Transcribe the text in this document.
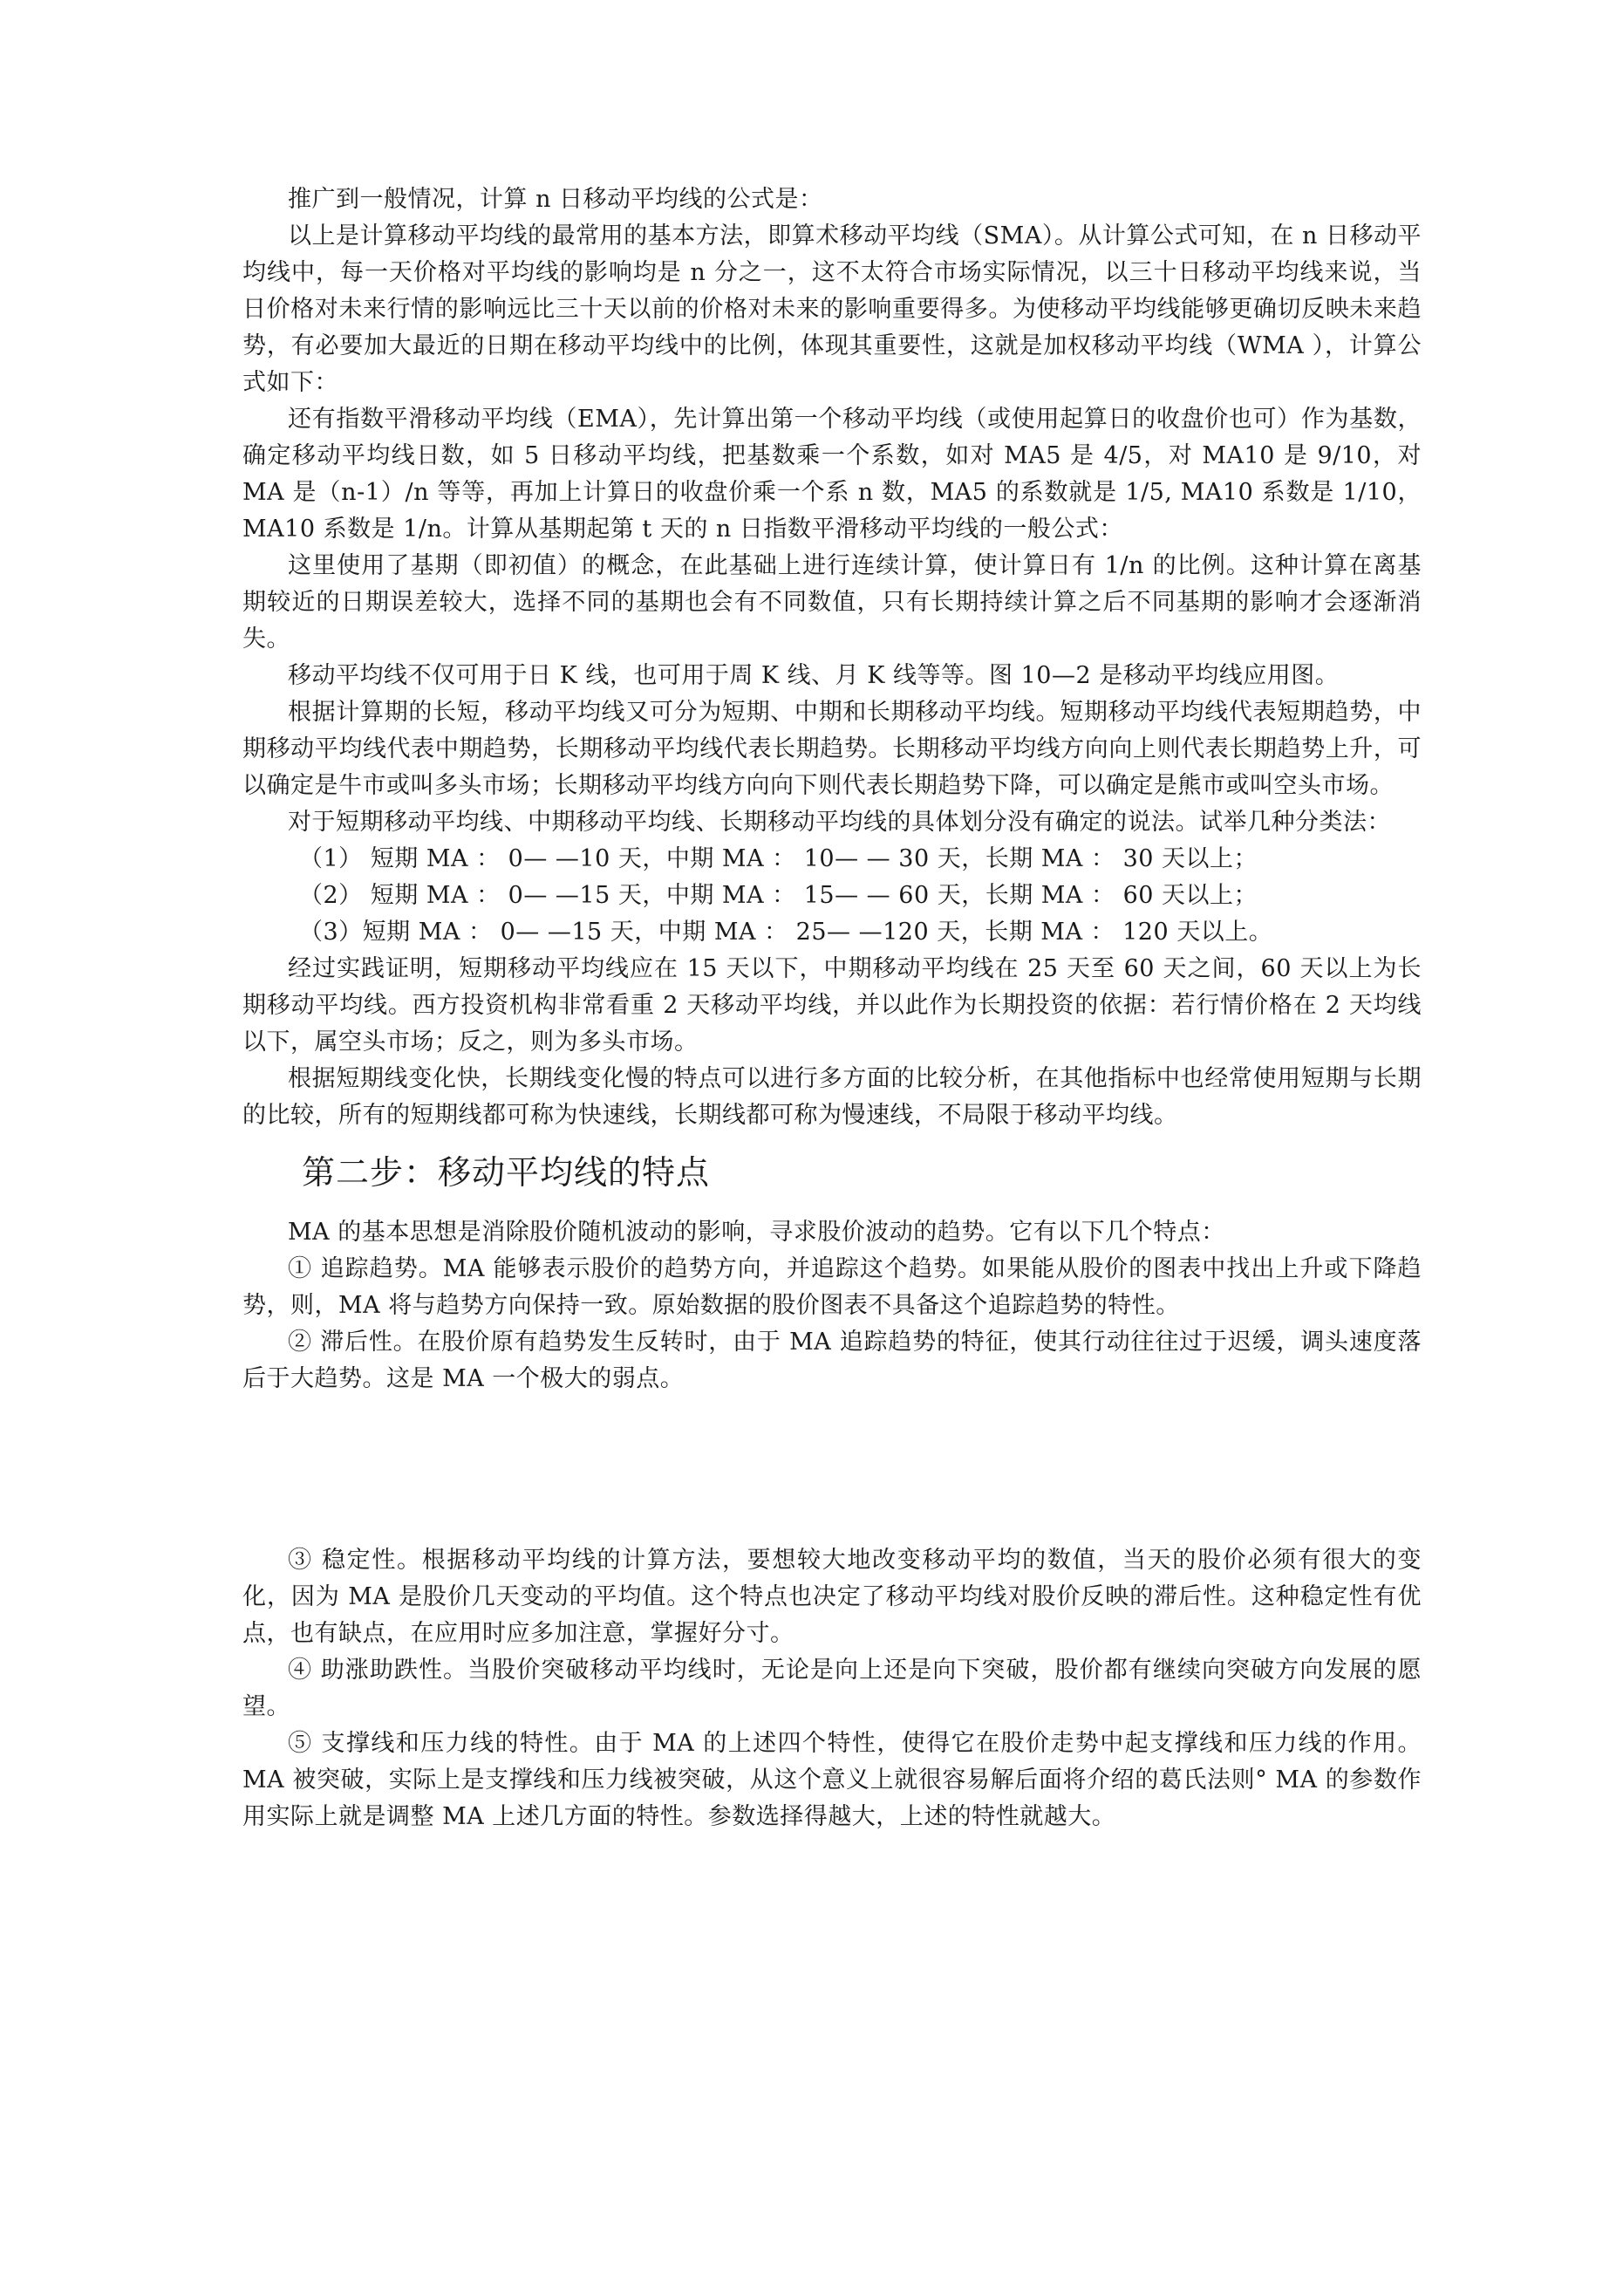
推广到一般情况，计算 n 日移动平均线的公式是：

以上是计算移动平均线的最常用的基本方法，即算术移动平均线（SMA）。从计算公式可知，在 n 日移动平均线中，每一天价格对平均线的影响均是 n 分之一，这不太符合市场实际情况，以三十日移动平均线来说，当日价格对未来行情的影响远比三十天以前的价格对未来的影响重要得多。为使移动平均线能够更确切反映未来趋势，有必要加大最近的日期在移动平均线中的比例，体现其重要性，这就是加权移动平均线（WMA ），计算公式如下：

还有指数平滑移动平均线（EMA），先计算出第一个移动平均线（或使用起算日的收盘价也可）作为基数，确定移动平均线日数，如 5 日移动平均线，把基数乘一个系数，如对 MA5 是 4/5，对 MA10 是 9/10，对 MA 是（n-1）/n 等等，再加上计算日的收盘价乘一个系 n 数，MA5 的系数就是 1/5, MA10 系数是 1/10，MA10 系数是 1/n。计算从基期起第 t 天的 n 日指数平滑移动平均线的一般公式：

这里使用了基期（即初值）的概念，在此基础上进行连续计算，使计算日有 1/n 的比例。这种计算在离基期较近的日期误差较大，选择不同的基期也会有不同数值，只有长期持续计算之后不同基期的影响才会逐渐消失。

移动平均线不仅可用于日 K 线，也可用于周 K 线、月 K 线等等。图 10—2 是移动平均线应用图。

根据计算期的长短，移动平均线又可分为短期、中期和长期移动平均线。短期移动平均线代表短期趋势，中期移动平均线代表中期趋势，长期移动平均线代表长期趋势。长期移动平均线方向向上则代表长期趋势上升，可以确定是牛市或叫多头市场；长期移动平均线方向向下则代表长期趋势下降，可以确定是熊市或叫空头市场。

对于短期移动平均线、中期移动平均线、长期移动平均线的具体划分没有确定的说法。试举几种分类法：

（1） 短期 MA ： 0— —10 天，中期 MA ： 10— — 30 天，长期 MA ： 30 天以上；

（2） 短期 MA ： 0— —15 天，中期 MA ： 15— — 60 天，长期 MA ： 60 天以上；

（3）短期 MA ： 0— —15 天，中期 MA ： 25— —120 天，长期 MA ： 120 天以上。

经过实践证明，短期移动平均线应在 15 天以下，中期移动平均线在 25 天至 60 天之间，60 天以上为长期移动平均线。西方投资机构非常看重 2 天移动平均线，并以此作为长期投资的依据：若行情价格在 2 天均线以下，属空头市场；反之，则为多头市场。

根据短期线变化快，长期线变化慢的特点可以进行多方面的比较分析，在其他指标中也经常使用短期与长期的比较，所有的短期线都可称为快速线，长期线都可称为慢速线，不局限于移动平均线。

第二步：移动平均线的特点

MA 的基本思想是消除股价随机波动的影响，寻求股价波动的趋势。它有以下几个特点：

① 追踪趋势。MA 能够表示股价的趋势方向，并追踪这个趋势。如果能从股价的图表中找出上升或下降趋势，则，MA 将与趋势方向保持一致。原始数据的股价图表不具备这个追踪趋势的特性。

② 滞后性。在股价原有趋势发生反转时，由于 MA 追踪趋势的特征，使其行动往往过于迟缓，调头速度落后于大趋势。这是 MA 一个极大的弱点。

③ 稳定性。根据移动平均线的计算方法，要想较大地改变移动平均的数值，当天的股价必须有很大的变化，因为 MA 是股价几天变动的平均值。这个特点也决定了移动平均线对股价反映的滞后性。这种稳定性有优点，也有缺点，在应用时应多加注意，掌握好分寸。

④ 助涨助跌性。当股价突破移动平均线时，无论是向上还是向下突破，股价都有继续向突破方向发展的愿望。

⑤ 支撑线和压力线的特性。由于 MA 的上述四个特性，使得它在股价走势中起支撑线和压力线的作用。MA 被突破，实际上是支撑线和压力线被突破，从这个意义上就很容易解后面将介绍的葛氏法则° MA 的参数作用实际上就是调整 MA 上述几方面的特性。参数选择得越大，上述的特性就越大。
